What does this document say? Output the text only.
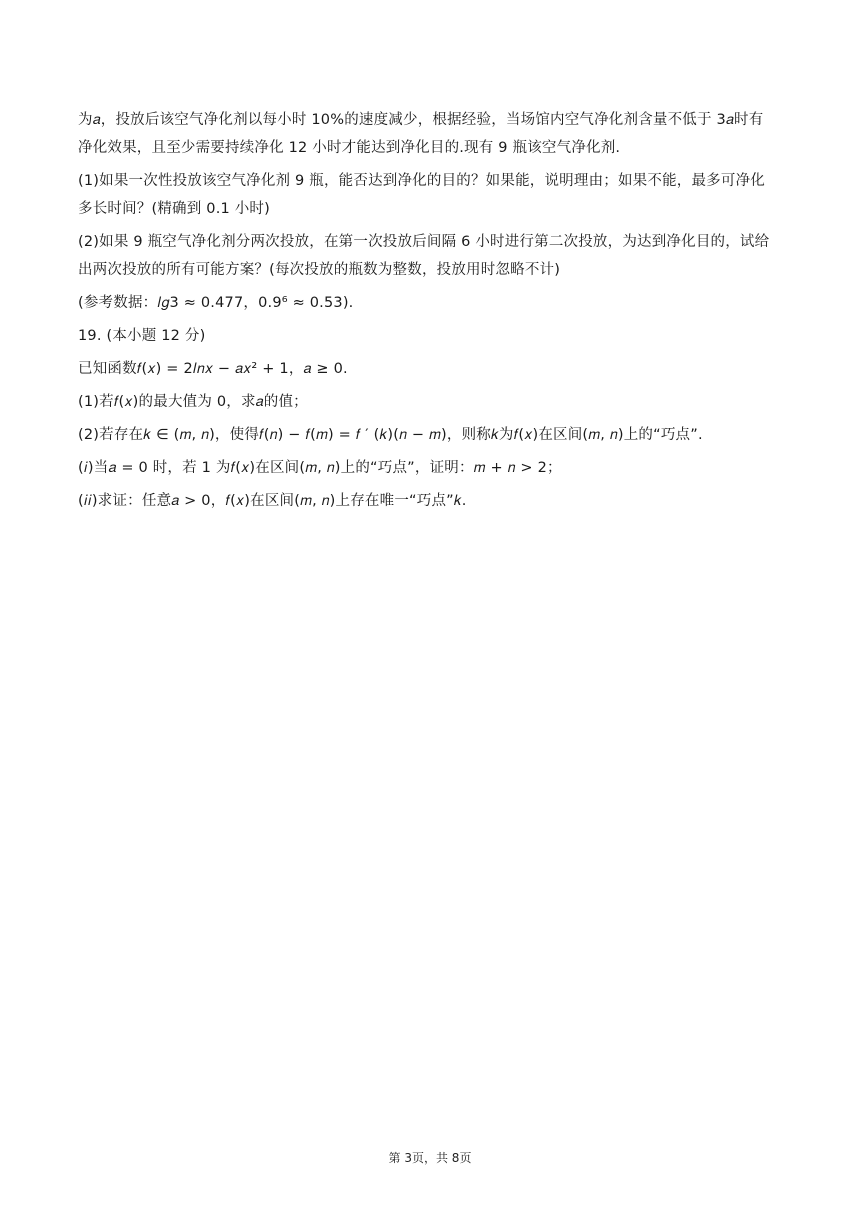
为𝑎，投放后该空气净化剂以每小时 10%的速度减少，根据经验，当场馆内空气净化剂含量不低于 3𝑎时有

净化效果，且至少需要持续净化 12 小时才能达到净化目的.现有 9 瓶该空气净化剂.

(1)如果一次性投放该空气净化剂 9 瓶，能否达到净化的目的？如果能，说明理由；如果不能，最多可净化

多长时间？(精确到 0.1 小时)

(2)如果 9 瓶空气净化剂分两次投放，在第一次投放后间隔 6 小时进行第二次投放，为达到净化目的，试给

出两次投放的所有可能方案？(每次投放的瓶数为整数，投放用时忽略不计)

(参考数据：𝑙𝑔3 ≈ 0.477，0.9⁶ ≈ 0.53).

19. (本小题 12 分)

已知函数𝑓(𝑥) = 2𝑙𝑛𝑥 − 𝑎𝑥² + 1，𝑎 ≥ 0.

(1)若𝑓(𝑥)的最大值为 0，求𝑎的值；

(2)若存在𝑘 ∈ (𝑚, 𝑛)，使得𝑓(𝑛) − 𝑓(𝑚) = 𝑓 ′ (𝑘)(𝑛 − 𝑚)，则称𝑘为𝑓(𝑥)在区间(𝑚, 𝑛)上的“巧点”.

(𝑖)当𝑎 = 0 时，若 1 为𝑓(𝑥)在区间(𝑚, 𝑛)上的“巧点”，证明：𝑚 + 𝑛 > 2；

(𝑖𝑖)求证：任意𝑎 > 0，𝑓(𝑥)在区间(𝑚, 𝑛)上存在唯一“巧点”𝑘.

第 3页，共 8页
